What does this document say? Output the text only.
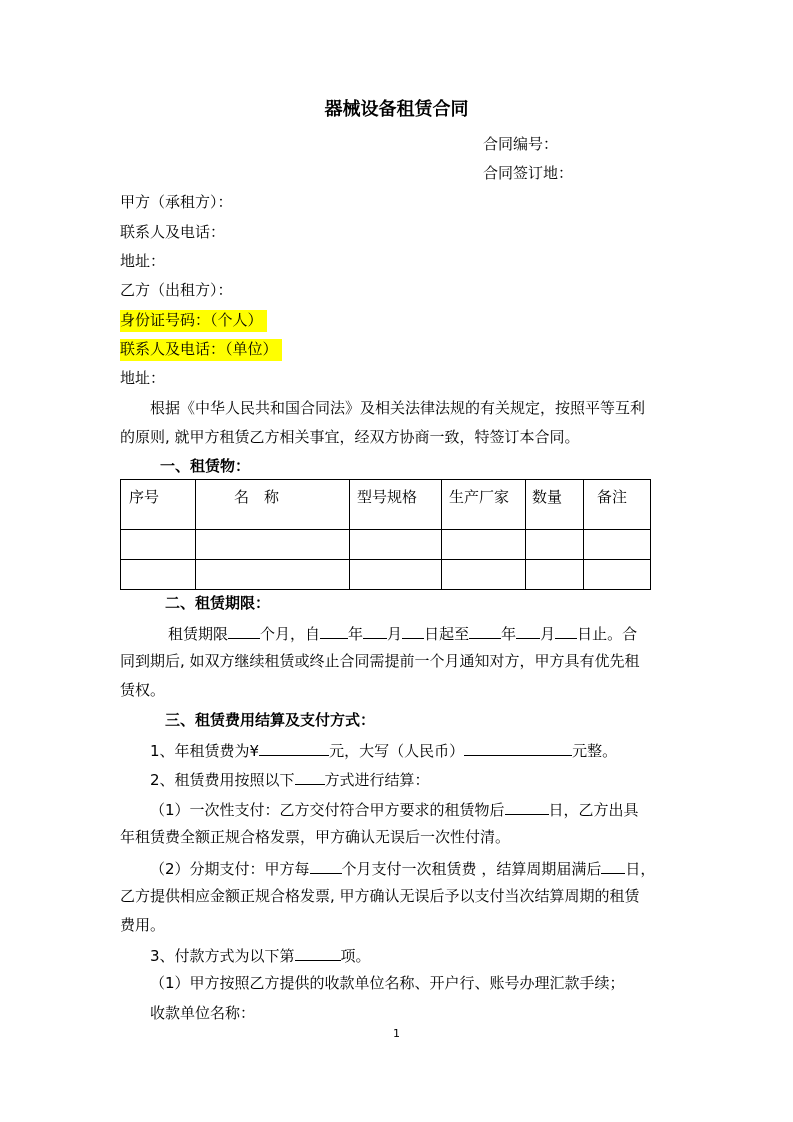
器械设备租赁合同
合同编号：
合同签订地：
甲方（承租方）：
联系人及电话：
地址：
乙方（出租方）：
身份证号码：（个人）
联系人及电话：（单位）
地址：
根据《中华人民共和国合同法》及相关法律法规的有关规定，按照平等互利
的原则, 就甲方租赁乙方相关事宜，经双方协商一致，特签订本合同。
一、租赁物：
序号	名　称	型号规格	生产厂家	数量	备注

二、租赁期限：
租赁期限 个月，自 年 月 日起至 年 月 日止。合
同到期后, 如双方继续租赁或终止合同需提前一个月通知对方，甲方具有优先租
赁权。
三、租赁费用结算及支付方式：
1、年租赁费为¥	元，大写（人民币）	元整。
2、租赁费用按照以下 方式进行结算：
（1）一次性支付：乙方交付符合甲方要求的租赁物后	日，乙方出具
年租赁费全额正规合格发票，甲方确认无误后一次性付清。
（2）分期支付：甲方每 个月支付一次租赁费 ，结算周期届满后 日，
乙方提供相应金额正规合格发票, 甲方确认无误后予以支付当次结算周期的租赁
费用。
3、付款方式为以下第	项。
（1）甲方按照乙方提供的收款单位名称、开户行、账号办理汇款手续；
收款单位名称：
1
